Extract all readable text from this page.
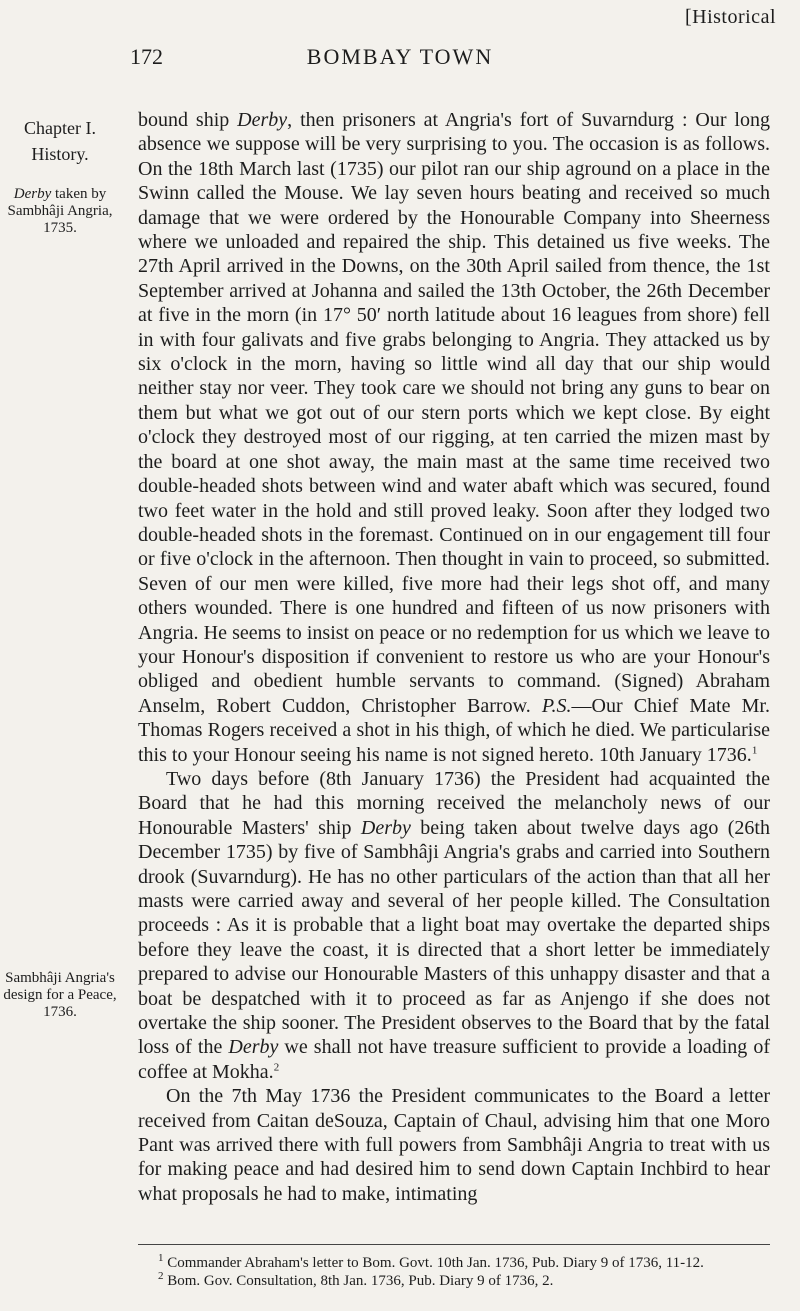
[Historical
172	BOMBAY TOWN
Chapter I.
History.
Derby taken by Sambhâji Angria,
1735.
Sambhâji Angria's design for a Peace,
1736.

bound ship Derby, then prisoners at Angria's fort of Suvarndurg : Our long absence we suppose will be very surprising to you. The occasion is as follows. On the 18th March last (1735) our pilot ran our ship aground on a place in the Swinn called the Mouse. We lay seven hours beating and received so much damage that we were ordered by the Honourable Company into Sheerness where we unloaded and repaired the ship. This detained us five weeks. The 27th April arrived in the Downs, on the 30th April sailed from thence, the 1st September arrived at Johanna and sailed the 13th October, the 26th December at five in the morn (in 17° 50′ north latitude about 16 leagues from shore) fell in with four galivats and five grabs belonging to Angria. They attacked us by six o'clock in the morn, having so little wind all day that our ship would neither stay nor veer. They took care we should not bring any guns to bear on them but what we got out of our stern ports which we kept close. By eight o'clock they destroyed most of our rigging, at ten carried the mizen mast by the board at one shot away, the main mast at the same time received two double-headed shots between wind and water abaft which was secured, found two feet water in the hold and still proved leaky. Soon after they lodged two double-headed shots in the foremast. Continued on in our engagement till four or five o'clock in the afternoon. Then thought in vain to proceed, so submitted. Seven of our men were killed, five more had their legs shot off, and many others wounded. There is one hundred and fifteen of us now prisoners with Angria. He seems to insist on peace or no redemption for us which we leave to your Honour's disposition if convenient to restore us who are your Honour's obliged and obedient humble servants to command. (Signed) Abraham Anselm, Robert Cuddon, Christopher Barrow. P.S.—Our Chief Mate Mr. Thomas Rogers received a shot in his thigh, of which he died. We particularise this to your Honour seeing his name is not signed hereto. 10th January 1736.$^1$

Two days before (8th January 1736) the President had acquainted the Board that he had this morning received the melancholy news of our Honourable Masters' ship Derby being taken about twelve days ago (26th December 1735) by five of Sambhâji Angria's grabs and carried into Southern drook (Suvarndurg). He has no other particulars of the action than that all her masts were carried away and several of her people killed. The Consultation proceeds : As it is probable that a light boat may overtake the departed ships before they leave the coast, it is directed that a short letter be immediately prepared to advise our Honourable Masters of this unhappy disaster and that a boat be despatched with it to proceed as far as Anjengo if she does not overtake the ship sooner. The President observes to the Board that by the fatal loss of the Derby we shall not have treasure sufficient to provide a loading of coffee at Mokha.$^2$

On the 7th May 1736 the President communicates to the Board a letter received from Caitan deSouza, Captain of Chaul, advising him that one Moro Pant was arrived there with full powers from Sambhâji Angria to treat with us for making peace and had desired him to send down Captain Inchbird to hear what proposals he had to make, intimating

$^1$ Commander Abraham's letter to Bom. Govt. 10th Jan. 1736, Pub. Diary 9 of 1736, 11-12.

$^2$ Bom. Gov. Consultation, 8th Jan. 1736, Pub. Diary 9 of 1736, 2.
